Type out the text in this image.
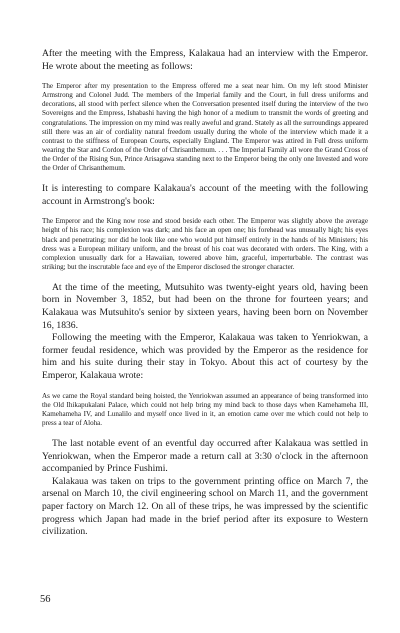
After the meeting with the Empress, Kalakaua had an interview with the Emperor. He wrote about the meeting as follows:

The Emperor after my presentation to the Empress offered me a seat near him. On my left stood Minister Armstrong and Colonel Judd. The members of the Imperial family and the Court, in full dress uniforms and decorations, all stood with perfect silence when the Conversation presented itself during the interview of the two Sovereigns and the Empress, Ishabashi having the high honor of a medium to transmit the words of greeting and congratulations. The impression on my mind was really aweful and grand. Stately as all the surroundings appeared still there was an air of cordiality natural freedom usually during the whole of the interview which made it a contrast to the stiffness of European Courts, especially England. The Emperor was attired in Full dress uniform wearing the Star and Cordon of the Order of Chrisanthemum. . . . The Imperial Family all wore the Grand Cross of the Order of the Rising Sun, Prince Arisagawa standing next to the Emperor being the only one Invested and wore the Order of Chrisanthemum.

It is interesting to compare Kalakaua's account of the meeting with the following account in Armstrong's book:

The Emperor and the King now rose and stood beside each other. The Emperor was slightly above the average height of his race; his complexion was dark; and his face an open one; his forehead was unusually high; his eyes black and penetrating; nor did he look like one who would put himself entirely in the hands of his Ministers; his dress was a European military uniform, and the breast of his coat was decorated with orders. The King, with a complexion unusually dark for a Hawaiian, towered above him, graceful, imperturbable. The contrast was striking; but the inscrutable face and eye of the Emperor disclosed the stronger character.

At the time of the meeting, Mutsuhito was twenty-eight years old, having been born in November 3, 1852, but had been on the throne for fourteen years; and Kalakaua was Mutsuhito's senior by sixteen years, having been born on November 16, 1836.

Following the meeting with the Emperor, Kalakaua was taken to Yenriokwan, a former feudal residence, which was provided by the Emperor as the residence for him and his suite during their stay in Tokyo. About this act of courtesy by the Emperor, Kalakaua wrote:

As we came the Royal standard being hoisted, the Yenriokwan assumed an appearance of being transformed into the Old Ihikapukalani Palace, which could not help bring my mind back to those days when Kamehameha III, Kamehameha IV, and Lunalilo and myself once lived in it, an emotion came over me which could not help to press a tear of Aloha.

The last notable event of an eventful day occurred after Kalakaua was settled in Yenriokwan, when the Emperor made a return call at 3:30 o'clock in the afternoon accompanied by Prince Fushimi.

Kalakaua was taken on trips to the government printing office on March 7, the arsenal on March 10, the civil engineering school on March 11, and the government paper factory on March 12. On all of these trips, he was impressed by the scientific progress which Japan had made in the brief period after its exposure to Western civilization.

56
